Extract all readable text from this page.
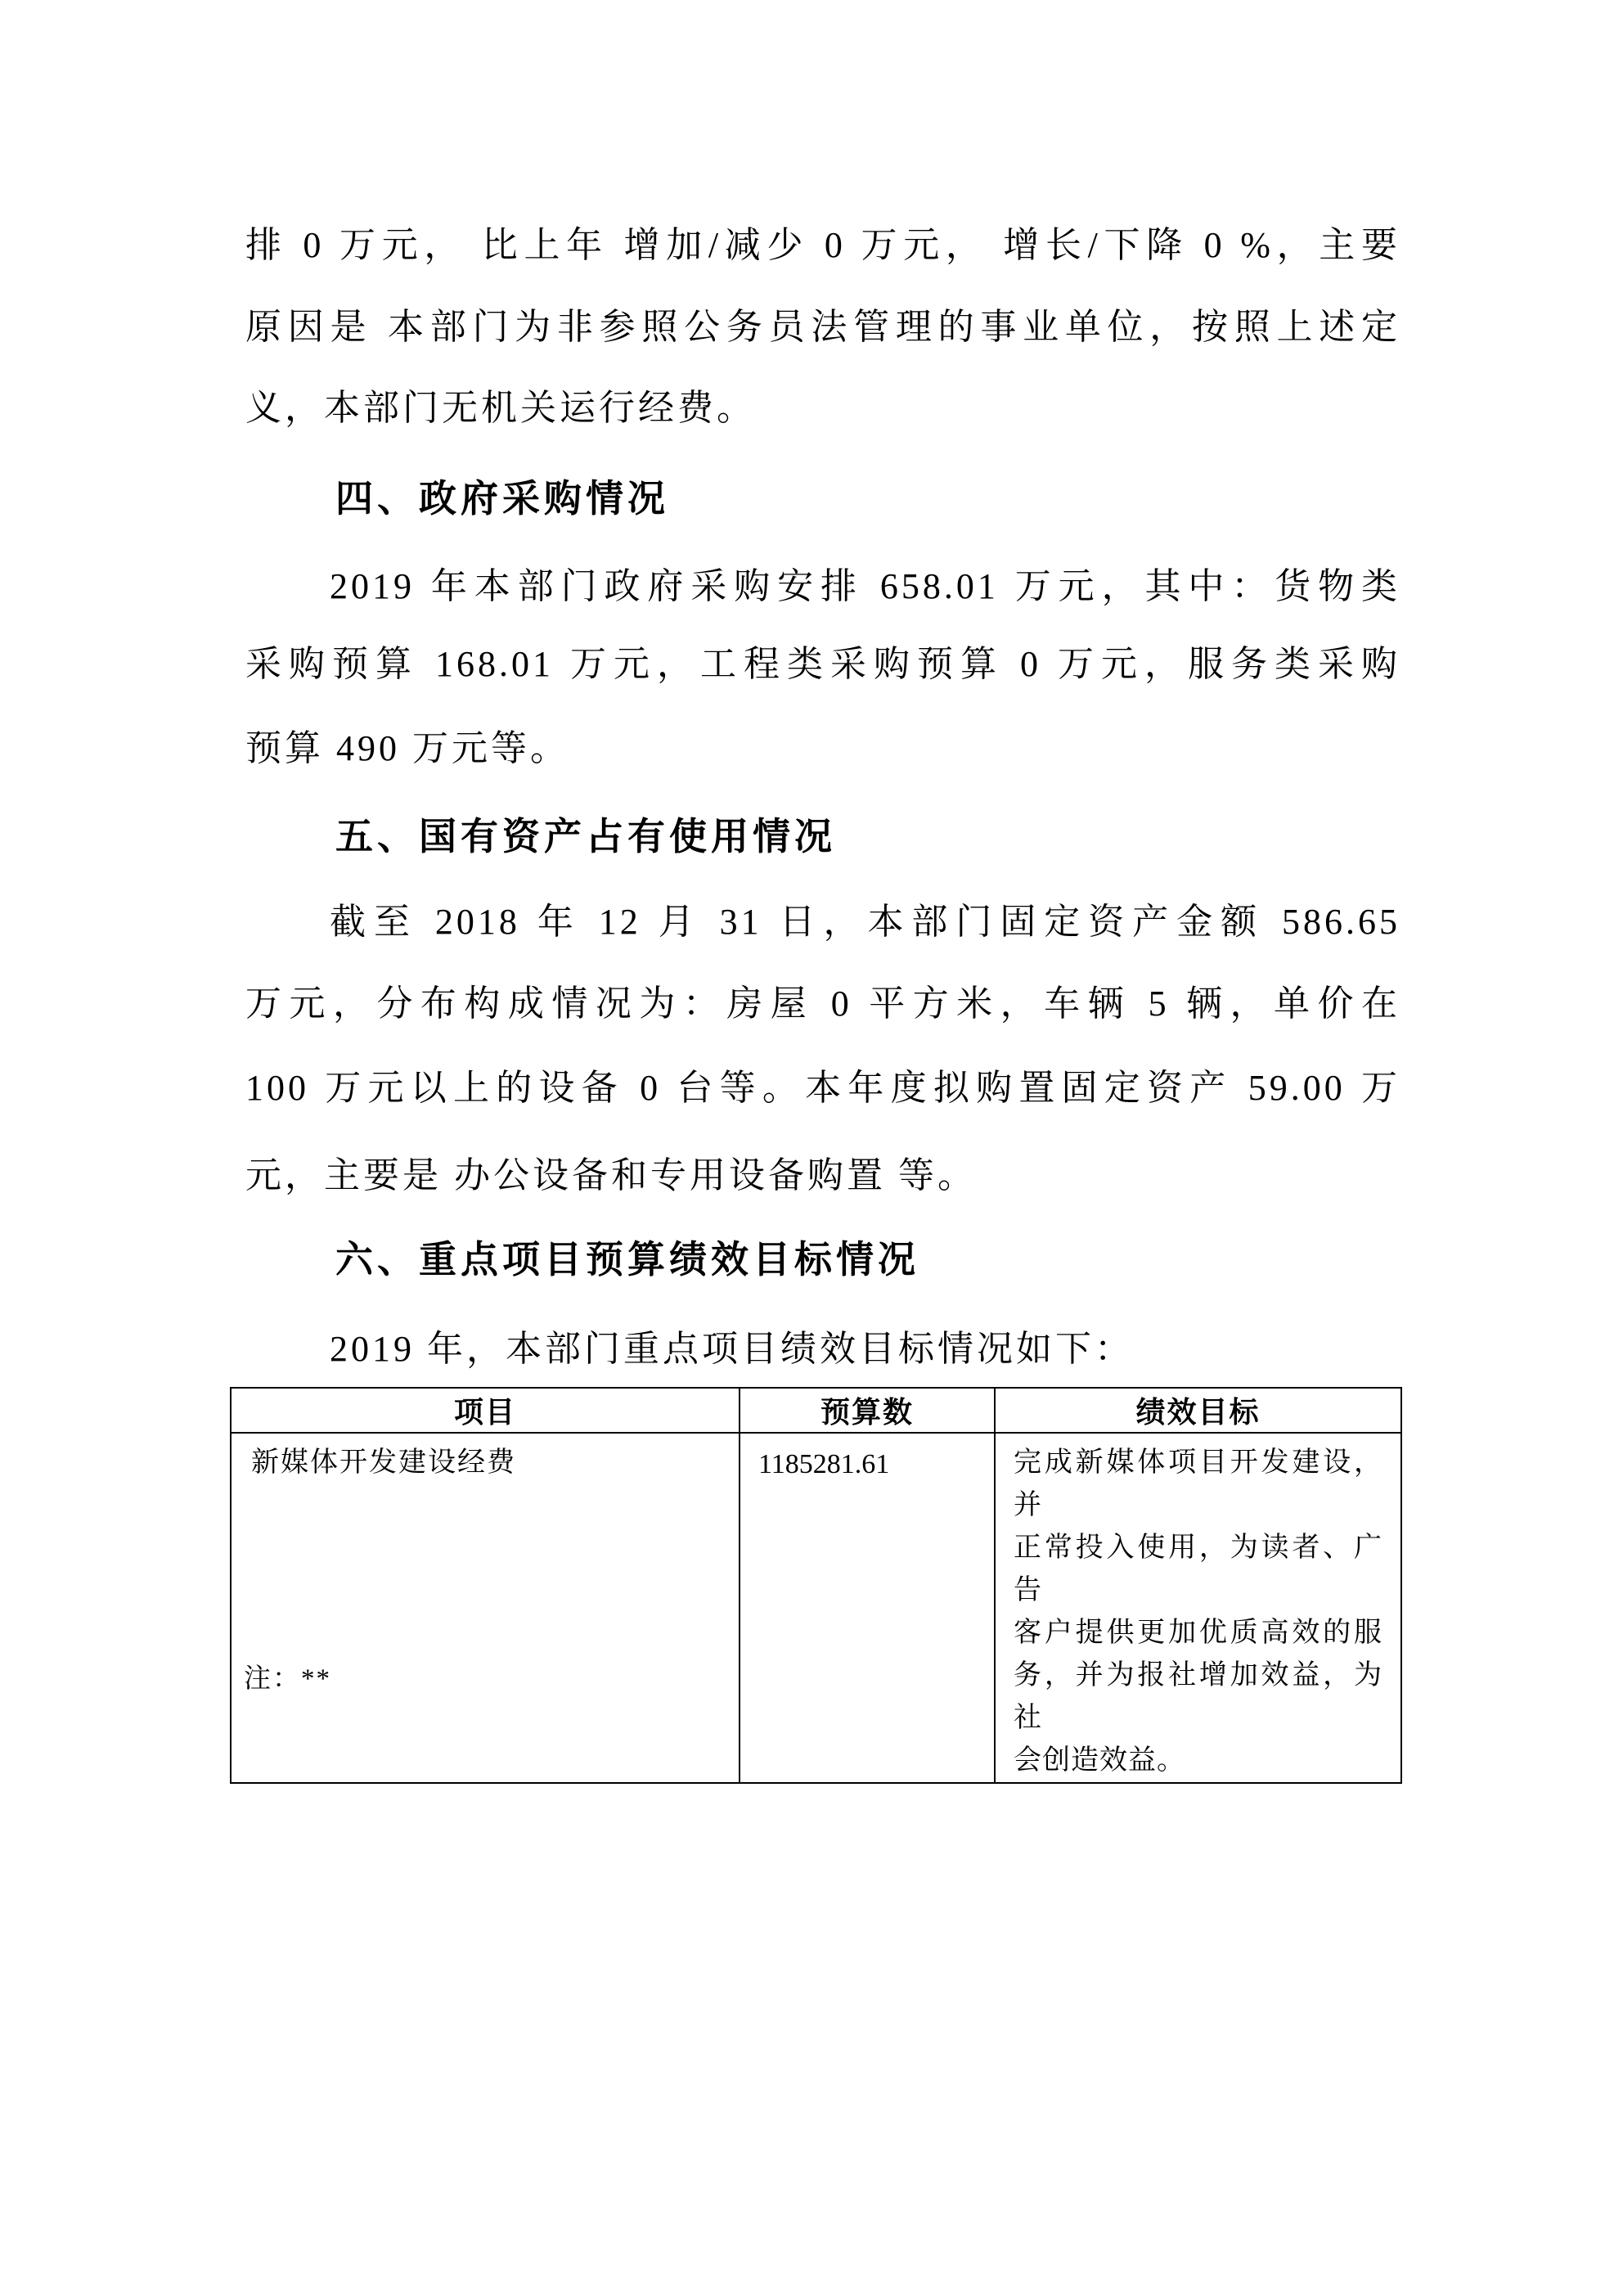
排 0 万元， 比上年 增加/减少 0 万元， 增长/下降 0 %，主要
原因是 本部门为非参照公务员法管理的事业单位，按照上述定
义，本部门无机关运行经费。
四、政府采购情况
2019 年本部门政府采购安排 658.01 万元，其中：货物类
采购预算 168.01 万元，工程类采购预算 0 万元，服务类采购
预算 490 万元等。
五、国有资产占有使用情况
截至 2018 年 12 月 31 日，本部门固定资产金额 586.65
万元，分布构成情况为：房屋 0 平方米，车辆 5 辆，单价在
100 万元以上的设备 0 台等。本年度拟购置固定资产 59.00 万
元，主要是 办公设备和专用设备购置 等。
六、重点项目预算绩效目标情况
2019 年，本部门重点项目绩效目标情况如下：
项目	预算数	绩效目标
新媒体开发建设经费	1185281.61	完成新媒体项目开发建设，并
正常投入使用，为读者、广告
客户提供更加优质高效的服
务，并为报社增加效益，为社
会创造效益。
注：**
